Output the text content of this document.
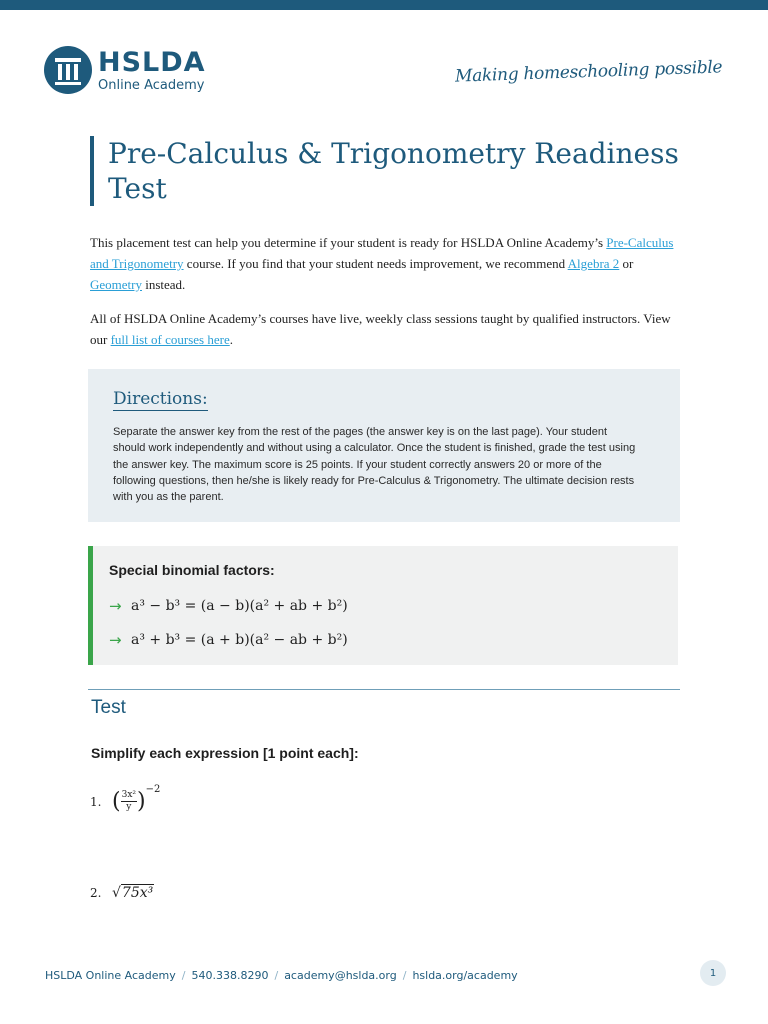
HSLDA
Online Academy	Making homeschooling possible
Pre-Calculus & Trigonometry Readiness Test

This placement test can help you determine if your student is ready for HSLDA Online Academy’s Pre-Calculus and Trigonometry course. If you find that your student needs improvement, we recommend Algebra 2 or Geometry instead.

All of HSLDA Online Academy’s courses have live, weekly class sessions taught by qualified instructors. View our full list of courses here.

Directions:
Separate the answer key from the rest of the pages (the answer key is on the last page). Your student should work independently and without using a calculator. Once the student is finished, grade the test using the answer key. The maximum score is 25 points. If your student correctly answers 20 or more of the following questions, then he/she is likely ready for Pre-Calculus & Trigonometry. The ultimate decision rests with you as the parent.
Special binomial factors:
→ a³ − b³ = (a − b)(a² + ab + b²)
→ a³ + b³ = (a + b)(a² − ab + b²)
Test
Simplify each expression [1 point each]:
1. ( $\frac{\text{3x²}}{y}$ ) −2
2. √75x³
HSLDA Online Academy / 540.338.8290 / academy@hslda.org / hslda.org/academy	1
